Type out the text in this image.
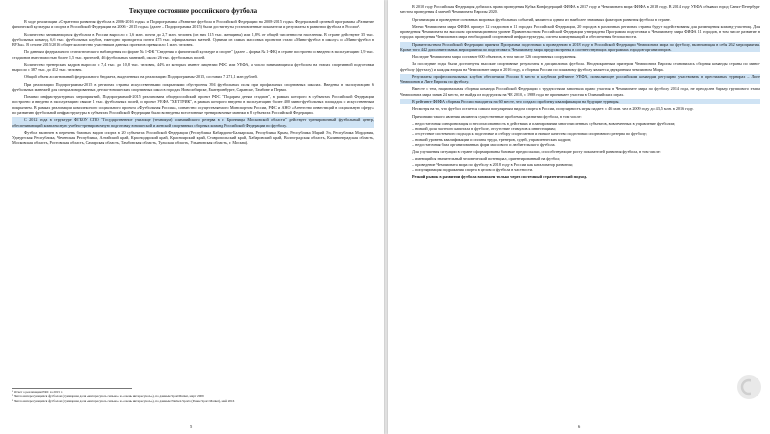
Текущее состояние российского футбола

В ходе реализации «Стратегии развития футбола в 2006-2016 годы» и Подпрограммы «Развитие футбола в Российской Федерации на 2008-2015 годы» Федеральной целевой программы «Развитие физической культуры и спорта в Российской Федерации на 2006 - 2015 годы» (далее – Подпрограмма 2015) были достигнуты установленные показатели и результаты в развитии футбола в России¹.

Количество занимающихся футболом в России выросло с 1,6 млн. почти до 2,7 млн. человек (из них 115 тыс. женщины) или 1,8% от общей численности населения. В стране действуют 35 тыс. футбольных команд, 6,6 тыс. футбольных клубов, ежегодно проводится почти 475 тыс. официальных матчей. Одними из самых массовых проектов стали «Мини-футбол в школу» и «Мини-футбол в ВУЗы». В сезоне 2015/2016 общее количество участников данных проектов превысило 1 млн. человек.

По данным федерального статистического наблюдения по форме № 1-ФК "Сведения о физической культуре и спорте" (далее – форма № 1-ФК) в стране построено и введено в эксплуатацию 1,9 тыс. стадионов вместимостью более 1,5 тыс. зрителей, 46 футбольных манежей, около 26 тыс. футбольных полей.

Количество тренерских кадров выросло с 7,4 тыс. до 10,8 тыс. человек, 44% из которых имеют лицензии РФС или УЕФА, а число занимающихся футболом на этапах спортивной подготовки выросло с 387 тыс. до 412 тыс. человек.

Общий объем ассигнований федерального бюджета, выделенных на реализацию Подпрограммы-2015, составил 7 271,1 млн рублей.

При реализации Подпрограммы-2015 в регионах страны искусственными покрытиями обустроены 394 футбольных поля при профильных спортивных школах. Введены в эксплуатацию 6 футбольных манежей для специализированных детско-юношеских спортивных школ в городах Новосибирске, Екатеринбурге, Саранске, Тамбове и Перми.

Помимо инфраструктурных мероприятий, Подпрограммой-2015 реализована общероссийский проект РФС "Подарим детям стадион", в рамках которого в субъектах Российской Федерации построено и введено в эксплуатацию свыше 1 тыс. футбольных полей, и проект УЕФА "ХЕТТРИК", в рамках которого введено в эксплуатацию более 400 мини-футбольных площадок с искусственным покрытием. В рамках реализации комплексного социального проекта «Футбольная Россия», совместно осуществляемого Минспортом России, РФС и АНО «Агентство инвестиций в социальную сферу» по развитию футбольной инфраструктуры в субъектах Российской Федерации были возведены всесезонные тренировочные манежи в 8 субъектах Российской Федерации.

С 2012 года в структуре ФГБОУ СПО "Государственное училище (техникум) олимпийского резерва в г. Бронницы Московской области" действует тренировочный футбольный центр, обеспечивающий комплексную учебно-тренировочную подготовку юношеской и женской спортивных сборных команд Российской Федерации по футболу.

Футбол включен в перечень базовых видов спорта в 20 субъектах Российской Федерации (Республика Кабардино-Балкарская, Республика Крым, Республика Марий Эл, Республика Мордовия, Удмуртская Республика, Чеченская Республика, Алтайский край, Краснодарский край, Красноярский край, Ставропольский край, Хабаровский край, Волгоградская область, Калининградская область, Московская область, Ростовская область, Самарская область, Тамбовская область, Тульская область, Ульяновская область, г. Москва).

¹ Отчет о реализации РФС за 2015 г.
² Число интересующихся футболом (суммарная доля «интересуюсь сильно» и «очень интересуюсь»), по данным SportMarket, март 2009
³ Число интересующихся футболом (суммарная доля «интересуюсь сильно» и «очень интересуюсь»), по данным Nielsen Sports (Ранее Sport Market), май 2016
5

В 2010 году Российская Федерация добилась права проведения Кубка Конфедераций ФИФА в 2017 году и Чемпионата мира ФИФА в 2018 году. В 2014 году УЕФА объявил город Санкт-Петербург местом проведения 4 матчей Чемпионата Европы 2020.

Организация и проведение основных мировых футбольных событий, являются одним из наиболее значимых факторов развития футбола в стране.

Матчи Чемпионата мира ФИФА примут 12 стадионов в 11 городах Российской Федерации, 20 городов в различных регионах страны будут задействованы для размещения команд-участниц. Для проведения Чемпионата на высоком организационном уровне Правительством Российской Федерации утверждена Программа подготовки к Чемпионату мира ФИФА 11 городов, в том числе развитие в городах проведения Чемпионата мира необходимой спортивной инфраструктуры, систем коммуникаций и обеспечения безопасности.

Правительством Российской Федерации принята Программа подготовки к проведению в 2018 году в Российской Федерации Чемпионата мира по футболу, включающая в себя 262 мероприятия. Кроме того 442 дополнительных мероприятия по подготовке к Чемпионату мира предусмотрены в соответствующих программах городов-организаторов.

Наследие Чемпионата мира составит 600 объектов, в том числе 126 спортивных сооружения.

За последние годы были достигнуты высокие спортивные результаты в дисциплинах футбола. Неоднократным призером Чемпионата Европы становилась сборная команды страны по мини-футболу (футзалу) и каждая вторая на Чемпионате мира в 2016 году, а сборная России по пляжному футболу является двукратным чемпионом Мира.

Результаты профессиональных клубов обеспечили России 6 место в клубном рейтинге УЕФА, позволяющее российским командам регулярно участвовать в престижных турнирах – Лиге Чемпионов и Лиге Европы по футболу.

Вместе с тем, национальная сборная команда Российской Федерации с трудностями завоевала право участия в Чемпионате мира по футболу 2014 года, не преодолев барьер группового этапа Чемпионата мира заняв 24 место, не выйдя из подгруппы на ЧЕ 2010, с 1988 года не принимает участия в Олимпийских играх.

В рейтинге ФИФА сборная России находится на 60 месте, что создало проблему квалификации на будущие турниры.

Несмотря на то, что футбол остается самым популярным видом спорта в России, популярность игры падает: с 46 млн. чел в 2009 году до 43,5 млн. в 2016 году.

Причинами такого явления являются существенные проблемы в развитии футбола, в том числе:

– недостаточная синхронизация и несогласованность в действиях и планировании многочисленных субъектов, вовлеченных в управление футболом;
– низкий доля частного капитала в футболе, отсутствие стимулов к инвестициям;
– отсутствие системного подхода к подготовке и отбору спортсменов и низкое качество подготовки спортивного резерва по футболу;
– низкий уровень квалификации и оплаты труда, тренеров, судей, управленческих кадров;
– недостаточная база организованных форм массового и любительского футбола.

Для улучшения ситуации в стране сформированы базовые предпосылки, способствующие росту показателей развития футбола, в том числе:

– имеющийся значительный человеческий потенциал, ориентированный на футбол;
– проведение Чемпионата мира по футболу в 2018 году в России как катализатор развития;
– популяризация подражания спорта в целом и футбола в частности.

Резкий рывок в развитии футбола возможен только через системный стратегический подход.

6
